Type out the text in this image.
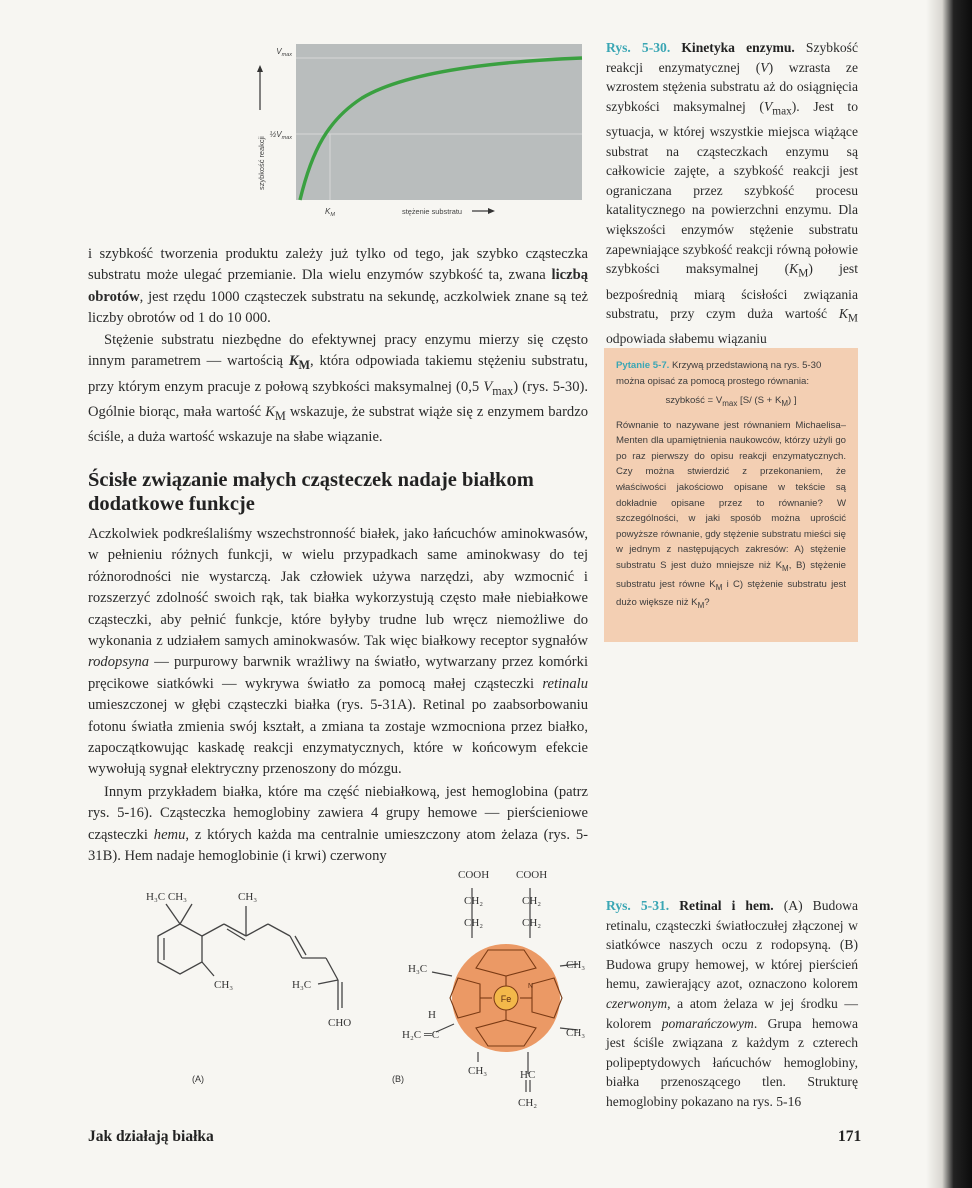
$V_{max}$
$\frac{1}{2}V_{max}$
szybkość reakcji
$K_M$	stężenie substratu

Rys. 5-30. Kinetyka enzymu. Szybkość reakcji enzymatycznej (V) wzrasta ze wzrostem stężenia substratu aż do osiągnięcia szybkości maksymalnej $(V_{max})$. Jest to sytuacja, w której wszystkie miejsca wiążące substrat na cząsteczkach enzymu są całkowicie zajęte, a szybkość reakcji jest ograniczana przez szybkość procesu katalitycznego na powierzchni enzymu. Dla większości enzymów stężenie substratu zapewniające szybkość reakcji równą połowie szybkości maksymalnej $(K_M)$ jest bezpośrednią miarą ścisłości związania substratu, przy czym duża wartość $K_M$ odpowiada słabemu wiązaniu

i szybkość tworzenia produktu zależy już tylko od tego, jak szybko cząsteczka substratu może ulegać przemianie. Dla wielu enzymów szybkość ta, zwana liczbą obrotów, jest rzędu 1000 cząsteczek substratu na sekundę, aczkolwiek znane są też liczby obrotów od 1 do 10 000.

Stężenie substratu niezbędne do efektywnej pracy enzymu mierzy się często innym parametrem — wartością $K_M$, która odpowiada takiemu stężeniu substratu, przy którym enzym pracuje z połową szybkości maksymalnej (0,5 $V_{max}$) (rys. 5-30). Ogólnie biorąc, mała wartość $K_M$ wskazuje, że substrat wiąże się z enzymem bardzo ściśle, a duża wartość wskazuje na słabe wiązanie.

Ścisłe związanie małych cząsteczek nadaje białkom dodatkowe funkcje

Aczkolwiek podkreślaliśmy wszechstronność białek, jako łańcuchów aminokwasów, w pełnieniu różnych funkcji, w wielu przypadkach same aminokwasy do tej różnorodności nie wystarczą. Jak człowiek używa narzędzi, aby wzmocnić i rozszerzyć zdolność swoich rąk, tak białka wykorzystują często małe niebiałkowe cząsteczki, aby pełnić funkcje, które byłyby trudne lub wręcz niemożliwe do wykonania z udziałem samych aminokwasów. Tak więc białkowy receptor sygnałów rodopsyna — purpurowy barwnik wrażliwy na światło, wytwarzany przez komórki pręcikowe siatkówki — wykrywa światło za pomocą małej cząsteczki retinalu umieszczonej w głębi cząsteczki białka (rys. 5-31A). Retinal po zaabsorbowaniu fotonu światła zmienia swój kształt, a zmiana ta zostaje wzmocniona przez białko, zapoczątkowując kaskadę reakcji enzymatycznych, które w końcowym efekcie wywołują sygnał elektryczny przenoszony do mózgu.

Innym przykładem białka, które ma część niebiałkową, jest hemoglobina (patrz rys. 5-16). Cząsteczka hemoglobiny zawiera 4 grupy hemowe — pierścieniowe cząsteczki hemu, z których każda ma centralnie umieszczony atom żelaza (rys. 5-31B). Hem nadaje hemoglobinie (i krwi) czerwony

Pytanie 5-7. Krzywą przedstawioną na rys. 5-30 można opisać za pomocą prostego równania:
szybkość = $V_{max}$ [S/ $(S + K_M)$ ]
Równanie to nazywane jest równaniem Michaelisa–Menten dla upamiętnienia naukowców, którzy użyli go po raz pierwszy do opisu reakcji enzymatycznych. Czy można stwierdzić z przekonaniem, że właściwości jakościowo opisane w tekście są dokładnie opisane przez to równanie? W szczególności, w jaki sposób można uprościć powyższe równanie, gdy stężenie substratu mieści się w jednym z następujących zakresów: A) stężenie substratu S jest dużo mniejsze niż $K_M$, B) stężenie substratu jest równe $K_M$ i C) stężenie substratu jest dużo większe niż $K_M$?
H₃C CH₃	CH₃
CH₃	H₃C
CHO
(A)
Fe
N
COOH COOH
CH₂	CH₂
CH₂	CH₂
H₃C	CH₃
CH₃
H
H₂C ═C
CH₃	HC
CH₂
(B)

Rys. 5-31. Retinal i hem. (A) Budowa retinalu, cząsteczki światłoczułej złączonej w siatkówce naszych oczu z rodopsyną. (B) Budowa grupy hemowej, w której pierścień hemu, zawierający azot, oznaczono kolorem czerwonym, a atom żelaza w jej środku — kolorem pomarańczowym. Grupa hemowa jest ściśle związana z każdym z czterech polipeptydowych łańcuchów hemoglobiny, białka przenoszącego tlen. Strukturę hemoglobiny pokazano na rys. 5-16

Jak działają białka	171
